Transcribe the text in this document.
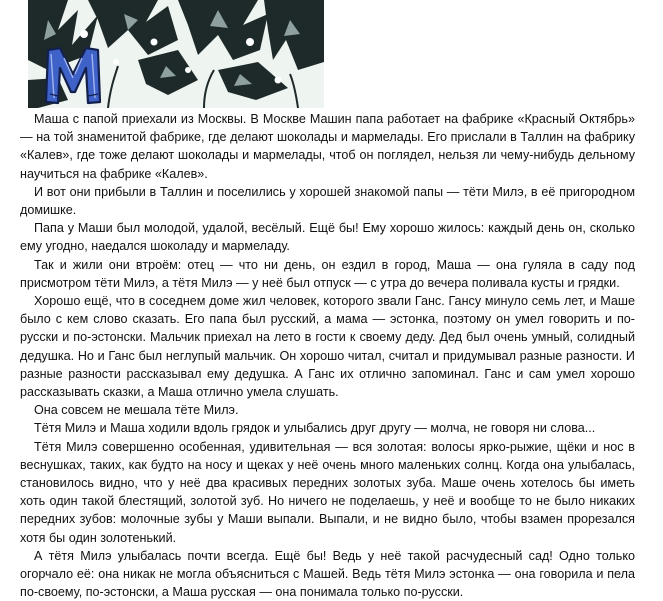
Маша с папой приехали из Москвы. В Москве Машин папа работает на фабрике «Красный Октябрь» — на той знаменитой фабрике, где делают шоколады и мармелады. Его прислали в Таллин на фабрику «Калев», где тоже делают шоколады и мармелады, чтоб он поглядел, нельзя ли чему-нибудь дельному научиться на фабрике «Калев».

И вот они прибыли в Таллин и поселились у хорошей знакомой папы — тёти Милэ, в её пригородном домишке.

Папа у Маши был молодой, удалой, весёлый. Ещё бы! Ему хорошо жилось: каждый день он, сколько ему угодно, наедался шоколаду и мармеладу.

Так и жили они втроём: отец — что ни день, он ездил в город, Маша — она гуляла в саду под присмотром тёти Милэ, а тётя Милэ — у неё был отпуск — с утра до вечера поливала кусты и грядки.

Хорошо ещё, что в соседнем доме жил человек, которого звали Ганс. Гансу минуло семь лет, и Маше было с кем слово сказать. Его папа был русский, а мама — эстонка, поэтому он умел говорить и по-русски и по-эстонски. Мальчик приехал на лето в гости к своему деду. Дед был очень умный, солидный дедушка. Но и Ганс был неглупый мальчик. Он хорошо читал, считал и придумывал разные разности. И разные разности рассказывал ему дедушка. А Ганс их отлично запоминал. Ганс и сам умел хорошо рассказывать сказки, а Маша отлично умела слушать.

Она совсем не мешала тёте Милэ.

Тётя Милэ и Маша ходили вдоль грядок и улыбались друг другу — молча, не говоря ни слова...

Тётя Милэ совершенно особенная, удивительная — вся золотая: волосы ярко-рыжие, щёки и нос в веснушках, таких, как будто на носу и щеках у неё очень много маленьких солнц. Когда она улыбалась, становилось видно, что у неё два красивых передних золотых зуба. Маше очень хотелось бы иметь хоть один такой блестящий, золотой зуб. Но ничего не поделаешь, у неё и вообще то не было никаких передних зубов: молочные зубы у Маши выпали. Выпали, и не видно было, чтобы взамен прорезался хотя бы один золотенький.

А тётя Милэ улыбалась почти всегда. Ещё бы! Ведь у неё такой расчудесный сад! Одно только огорчало её: она никак не могла объясниться с Машей. Ведь тётя Милэ эстонка — она говорила и пела по-своему, по-эстонски, а Маша русская — она понимала только по-русски.
